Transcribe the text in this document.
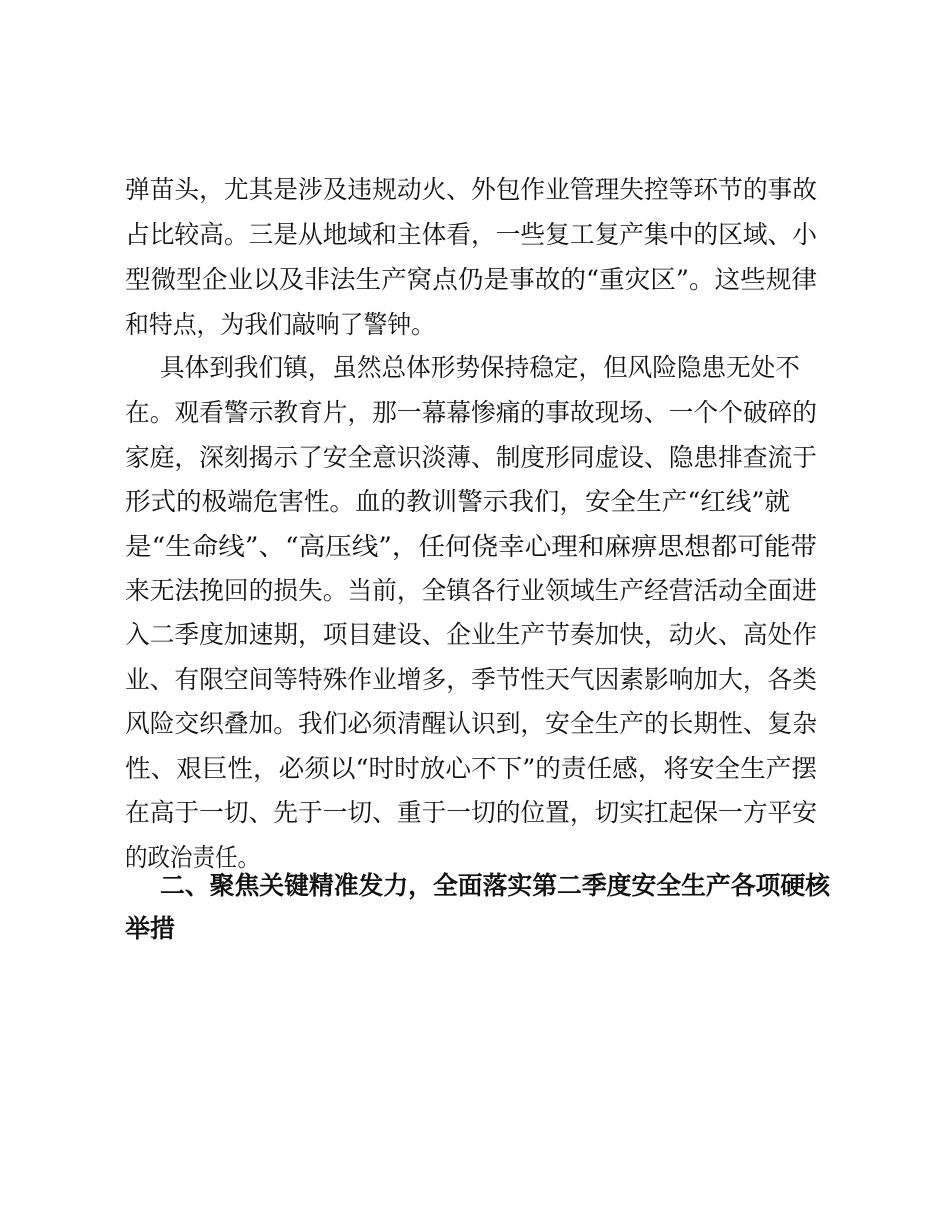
弹苗头，尤其是涉及违规动火、外包作业管理失控等环节的事故
占比较高。三是从地域和主体看，一些复工复产集中的区域、小
型微型企业以及非法生产窝点仍是事故的“重灾区”。这些规律
和特点，为我们敲响了警钟。
具体到我们镇，虽然总体形势保持稳定，但风险隐患无处不
在。观看警示教育片，那一幕幕惨痛的事故现场、一个个破碎的
家庭，深刻揭示了安全意识淡薄、制度形同虚设、隐患排查流于
形式的极端危害性。血的教训警示我们，安全生产“红线”就
是“生命线”、“高压线”，任何侥幸心理和麻痹思想都可能带
来无法挽回的损失。当前，全镇各行业领域生产经营活动全面进
入二季度加速期，项目建设、企业生产节奏加快，动火、高处作
业、有限空间等特殊作业增多，季节性天气因素影响加大，各类
风险交织叠加。我们必须清醒认识到，安全生产的长期性、复杂
性、艰巨性，必须以“时时放心不下”的责任感，将安全生产摆
在高于一切、先于一切、重于一切的位置，切实扛起保一方平安
的政治责任。
二、聚焦关键精准发力，全面落实第二季度安全生产各项硬核
举措
